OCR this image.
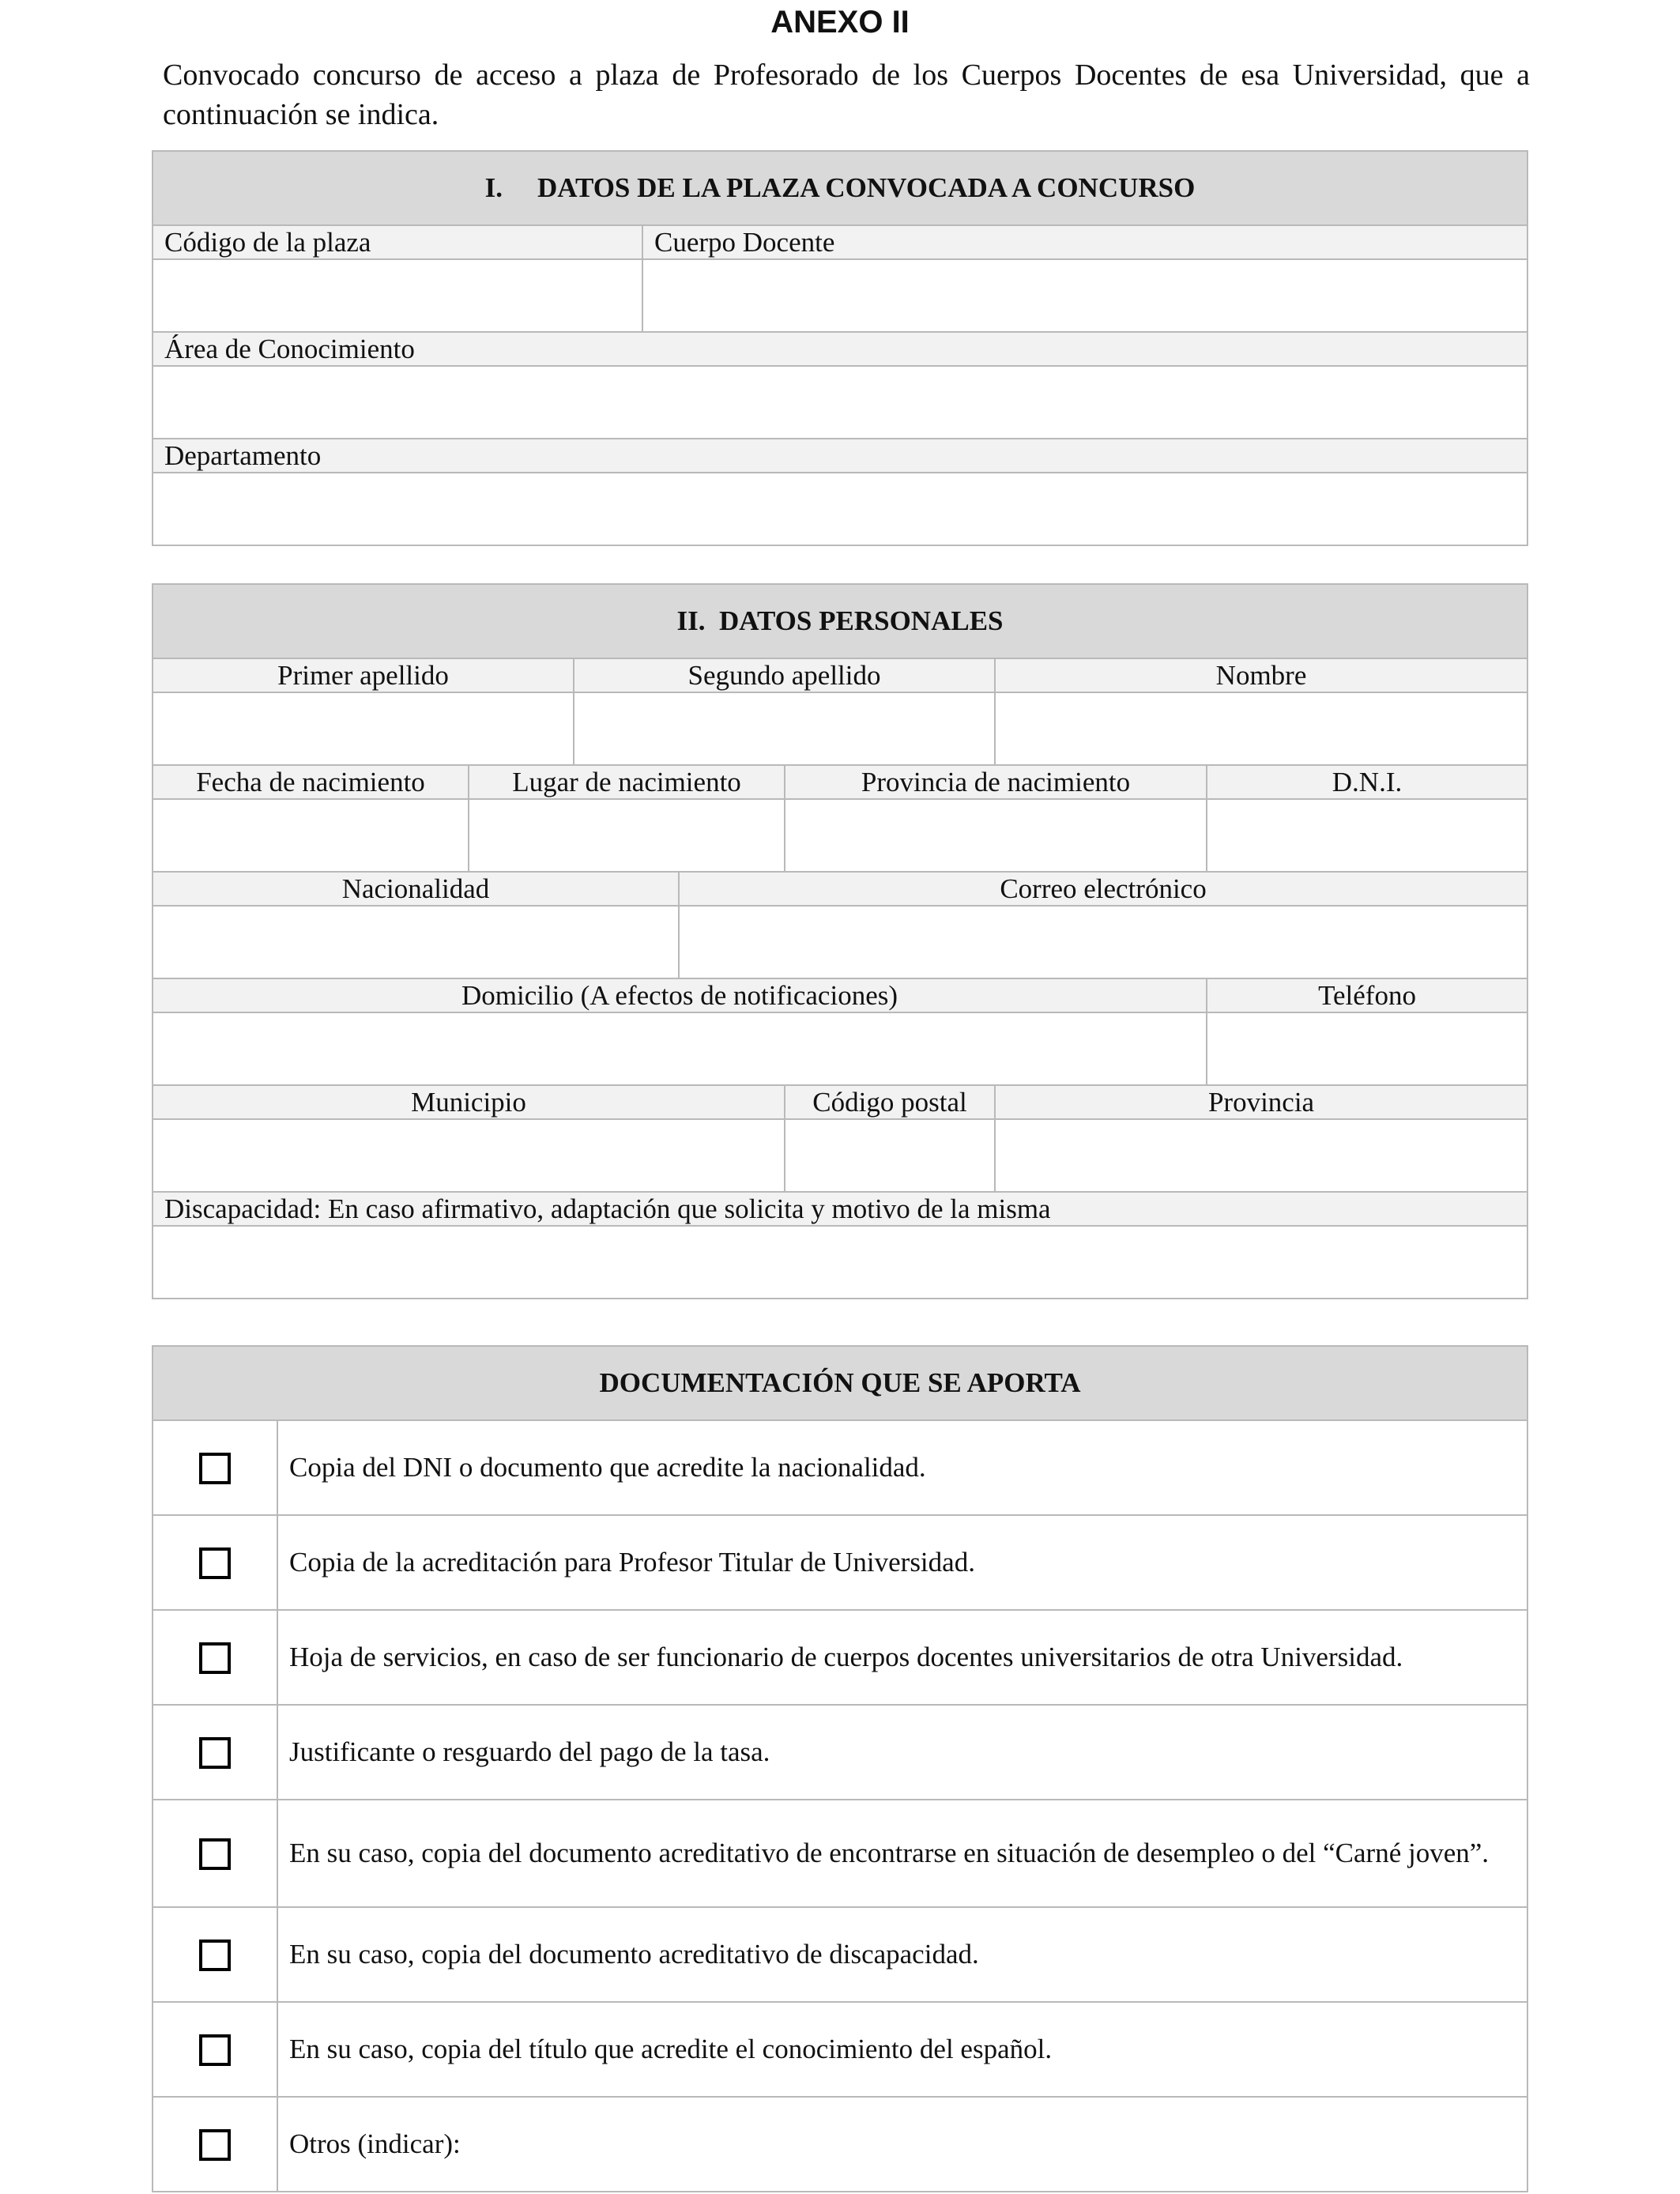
ANEXO II
Convocado concurso de acceso a plaza de Profesorado de los Cuerpos Docentes de esa Universidad, que a continuación se indica.
I. DATOS DE LA PLAZA CONVOCADA A CONCURSO	
Código de la plaza	Cuerpo Docente

Área de Conocimiento	

Departamento	

II. DATOS PERSONALES						
Primer apellido		Segundo apellido			Nombre	

Fecha de nacimiento	Lugar de nacimiento			Provincia de nacimiento		D.N.I.

Nacionalidad			Correo electrónico			

Domicilio (A efectos de notificaciones)						Teléfono

Municipio				Código postal	Provincia	

Discapacidad: En caso afirmativo, adaptación que solicita y motivo de la misma						

DOCUMENTACIÓN QUE SE APORTA	
	Copia del DNI o documento que acredite la nacionalidad.
	Copia de la acreditación para Profesor Titular de Universidad.
	Hoja de servicios, en caso de ser funcionario de cuerpos docentes universitarios de otra Universidad.
	Justificante o resguardo del pago de la tasa.
	En su caso, copia del documento acreditativo de encontrarse en situación de desempleo o del “Carné joven”.
	En su caso, copia del documento acreditativo de discapacidad.
	En su caso, copia del título que acredite el conocimiento del español.
	Otros (indicar):
